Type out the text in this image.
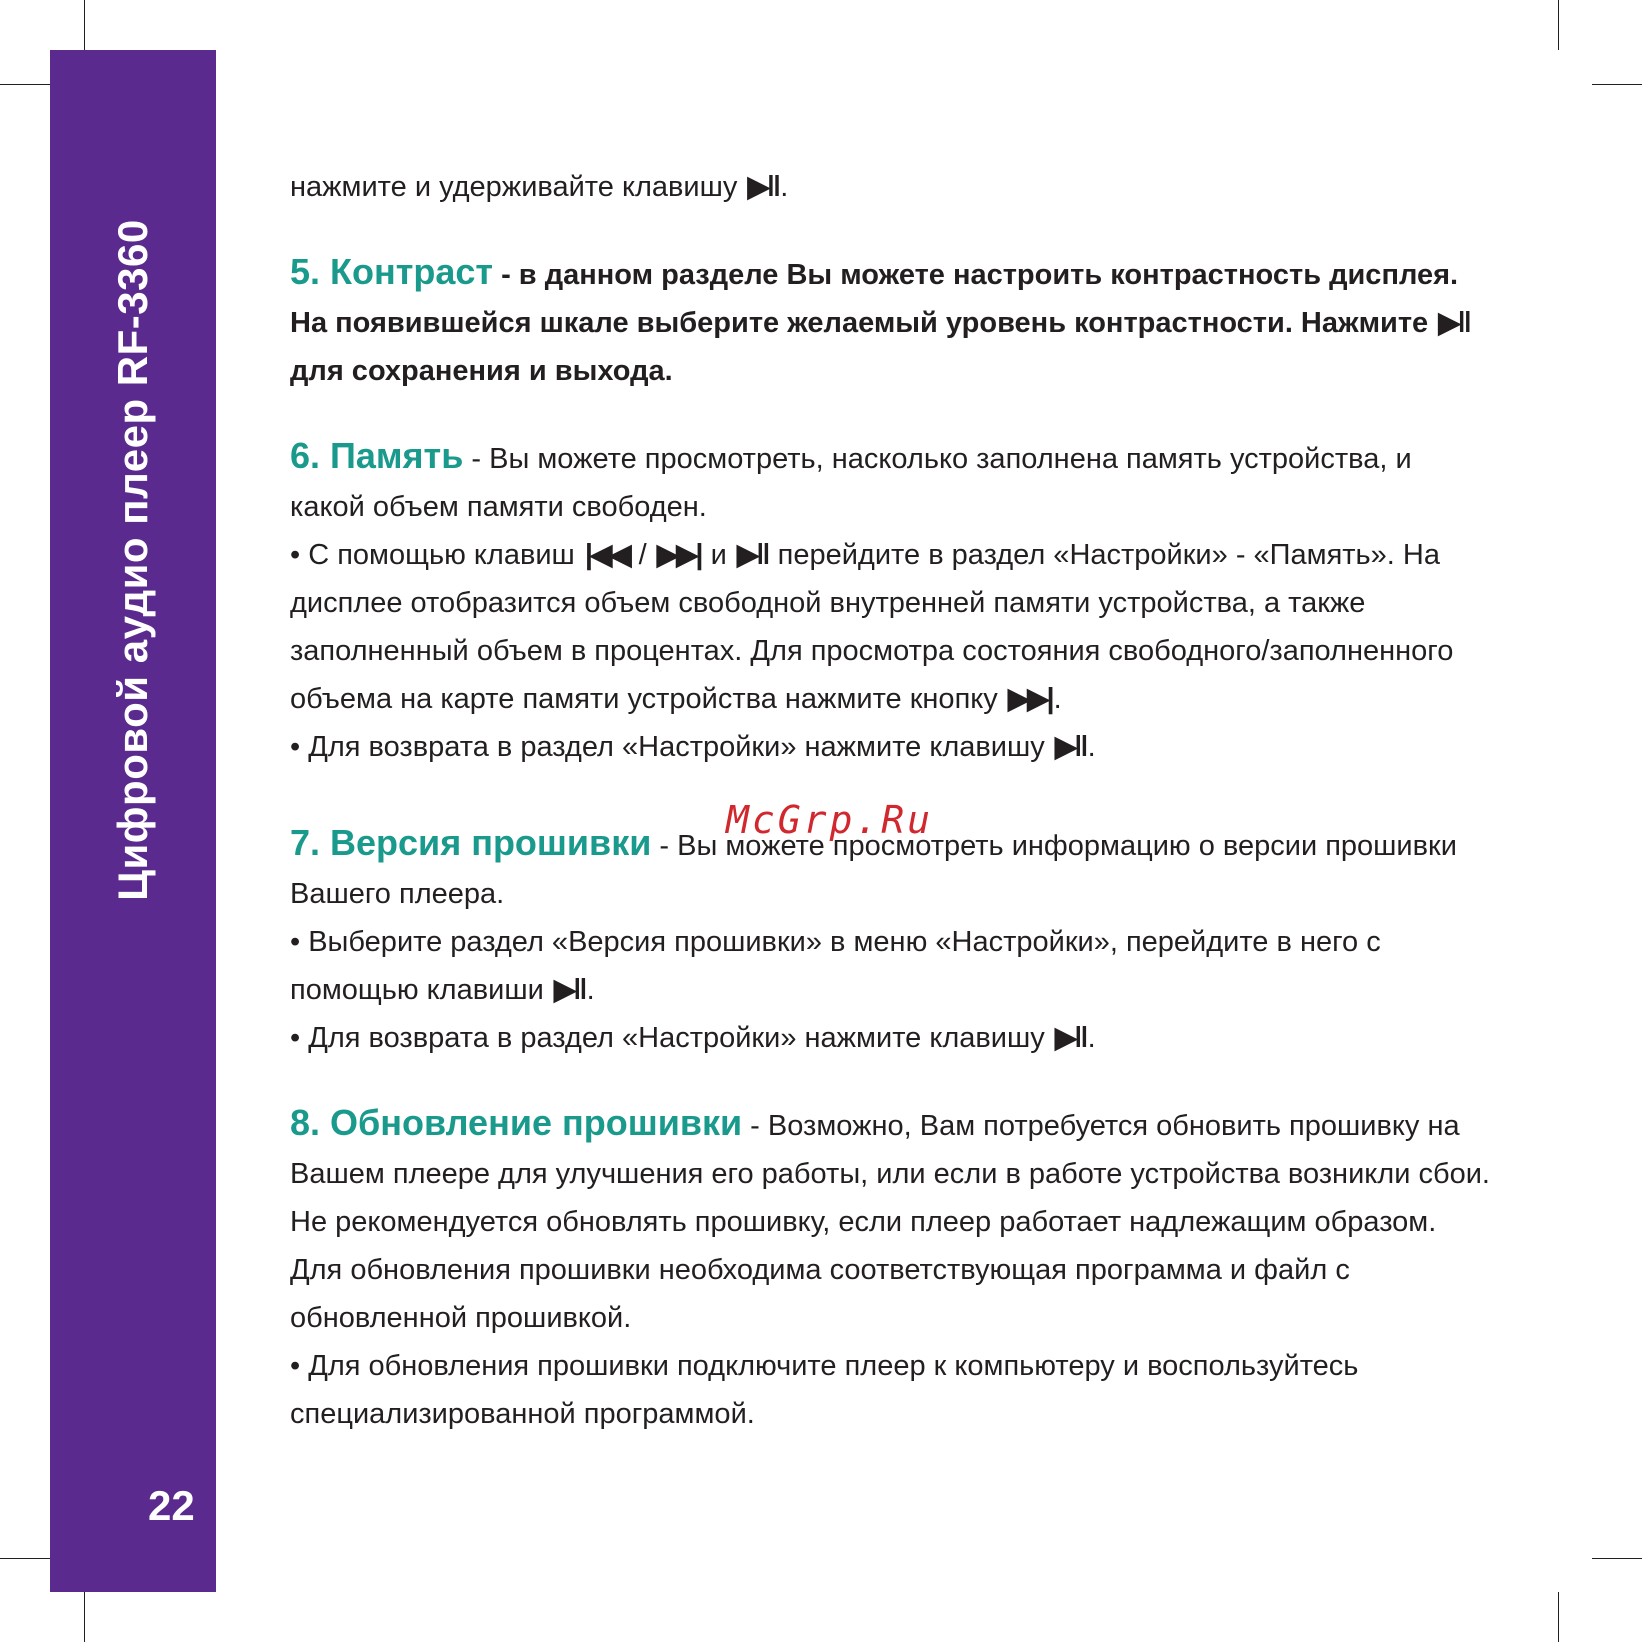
Цифровой аудио плеер RF-3360
22

нажмите и удерживайте клавишу ▶‖.

5. Контраст - в данном разделе Вы можете настроить контрастность дисплея. На появившейся шкале выберите желаемый уровень контрастности. Нажмите ▶‖ для сохранения и выхода.

6. Память - Вы можете просмотреть, насколько заполнена память устройства, и какой объем памяти свободен.

• С помощью клавиш |◀◀ / ▶▶| и ▶‖ перейдите в раздел «Настройки» - «Память». На дисплее отобразится объем свободной внутренней памяти устройства, а также заполненный объем в процентах. Для просмотра состояния свободного/заполненного объема на карте памяти устройства нажмите кнопку ▶▶|.

• Для возврата в раздел «Настройки» нажмите клавишу ▶‖.

7. Версия прошивки - Вы можете просмотреть информацию о версии прошивки Вашего плеера.

• Выберите раздел «Версия прошивки» в меню «Настройки», перейдите в него с помощью клавиши ▶‖.

• Для возврата в раздел «Настройки» нажмите клавишу ▶‖.

8. Обновление прошивки - Возможно, Вам потребуется обновить прошивку на Вашем плеере для улучшения его работы, или если в работе устройства возникли сбои. Не рекомендуется обновлять прошивку, если плеер работает надлежащим образом. Для обновления прошивки необходима соответствующая программа и файл с обновленной прошивкой.

• Для обновления прошивки подключите плеер к компьютеру и воспользуйтесь специализированной программой.

McGrp.Ru
